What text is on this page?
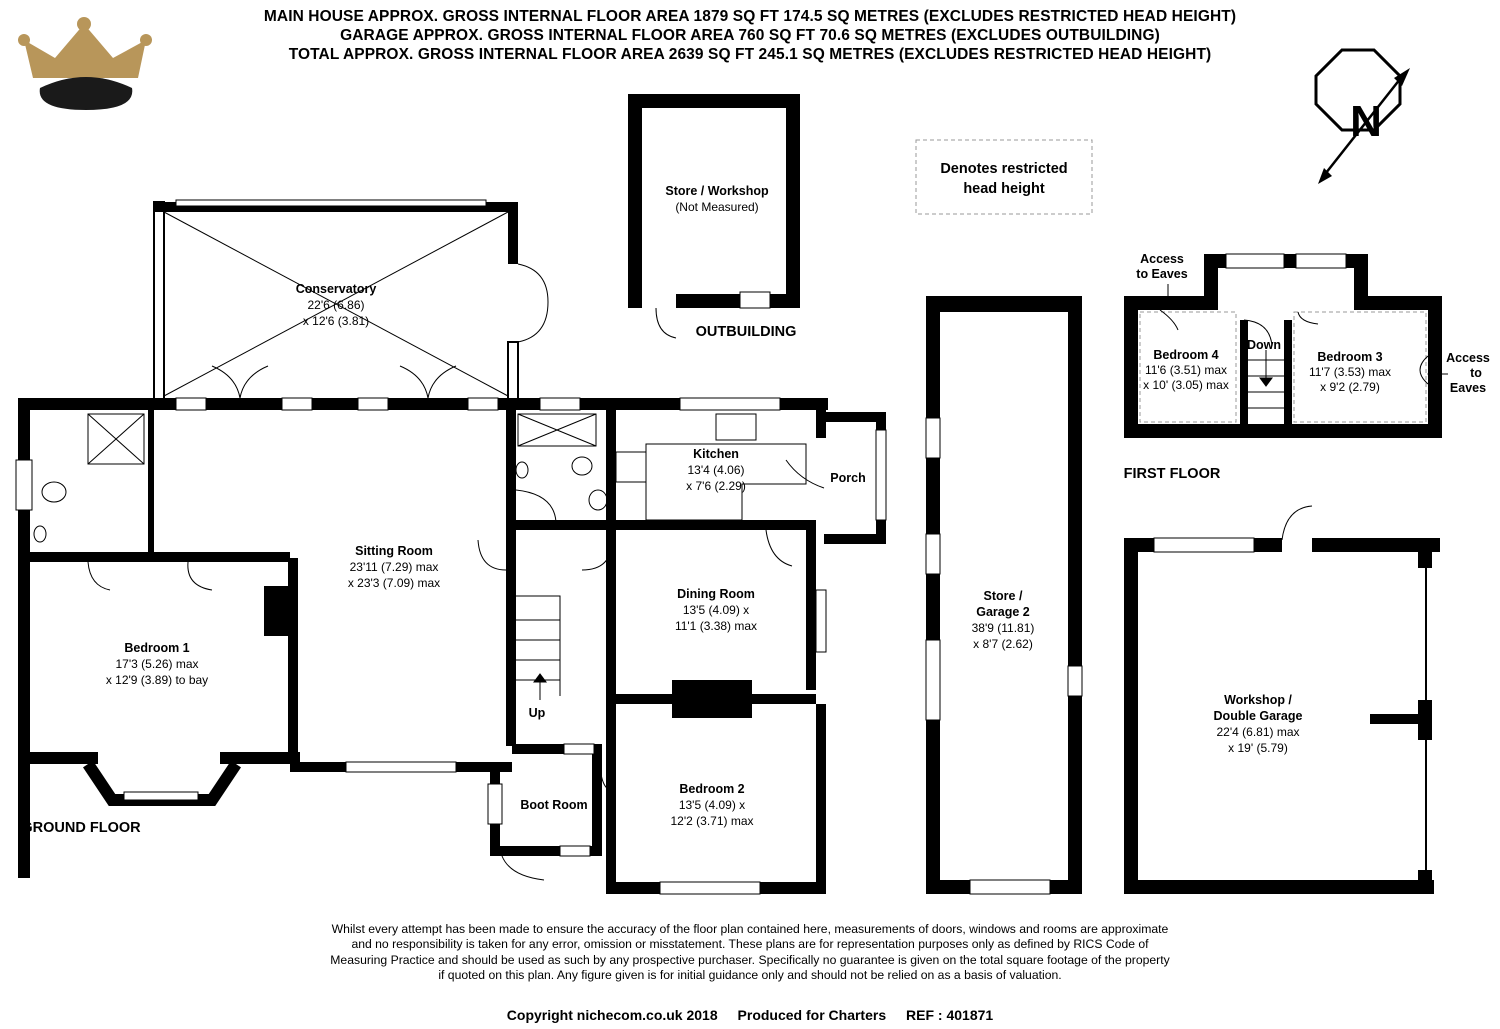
MAIN HOUSE APPROX. GROSS INTERNAL FLOOR AREA 1879 SQ FT 174.5 SQ METRES (EXCLUDES RESTRICTED HEAD HEIGHT)
GARAGE APPROX. GROSS INTERNAL FLOOR AREA 760 SQ FT 70.6 SQ METRES (EXCLUDES OUTBUILDING)
TOTAL APPROX. GROSS INTERNAL FLOOR AREA 2639 SQ FT 245.1 SQ METRES (EXCLUDES RESTRICTED HEAD HEIGHT)
N
Denotes restricted
head height
Conservatory
22'6 (6.86)
x 12'6 (3.81)
Sitting Room
23'11 (7.29) max
x 23'3 (7.09) max
Bedroom 1
17'3 (5.26) max
x 12'9 (3.89) to bay
Kitchen
13'4 (4.06)
x 7'6 (2.29)
Porch
Dining Room
13'5 (4.09) x
11'1 (3.38) max
Bedroom 2
13'5 (4.09) x
12'2 (3.71) max
Boot Room
Up
Store / Workshop
(Not Measured)
OUTBUILDING
Store /
Garage 2
38'9 (11.81)
x 8'7 (2.62)
Bedroom 4
11'6 (3.51) max
x 10' (3.05) max
Bedroom 3
11'7 (3.53) max
x 9'2 (2.79)
Down
Access
to Eaves
Access
to
Eaves
FIRST FLOOR
GROUND FLOOR
Workshop /
Double Garage
22'4 (6.81) max
x 19' (5.79)
Whilst every attempt has been made to ensure the accuracy of the floor plan contained here, measurements of doors, windows and rooms are approximate and no responsibility is taken for any error, omission or misstatement. These plans are for representation purposes only as defined by RICS Code of Measuring Practice and should be used as such by any prospective purchaser. Specifically no guarantee is given on the total square footage of the property if quoted on this plan. Any figure given is for initial guidance only and should not be relied on as a basis of valuation.
Copyright nichecom.co.uk 2018 Produced for Charters REF : 401871
